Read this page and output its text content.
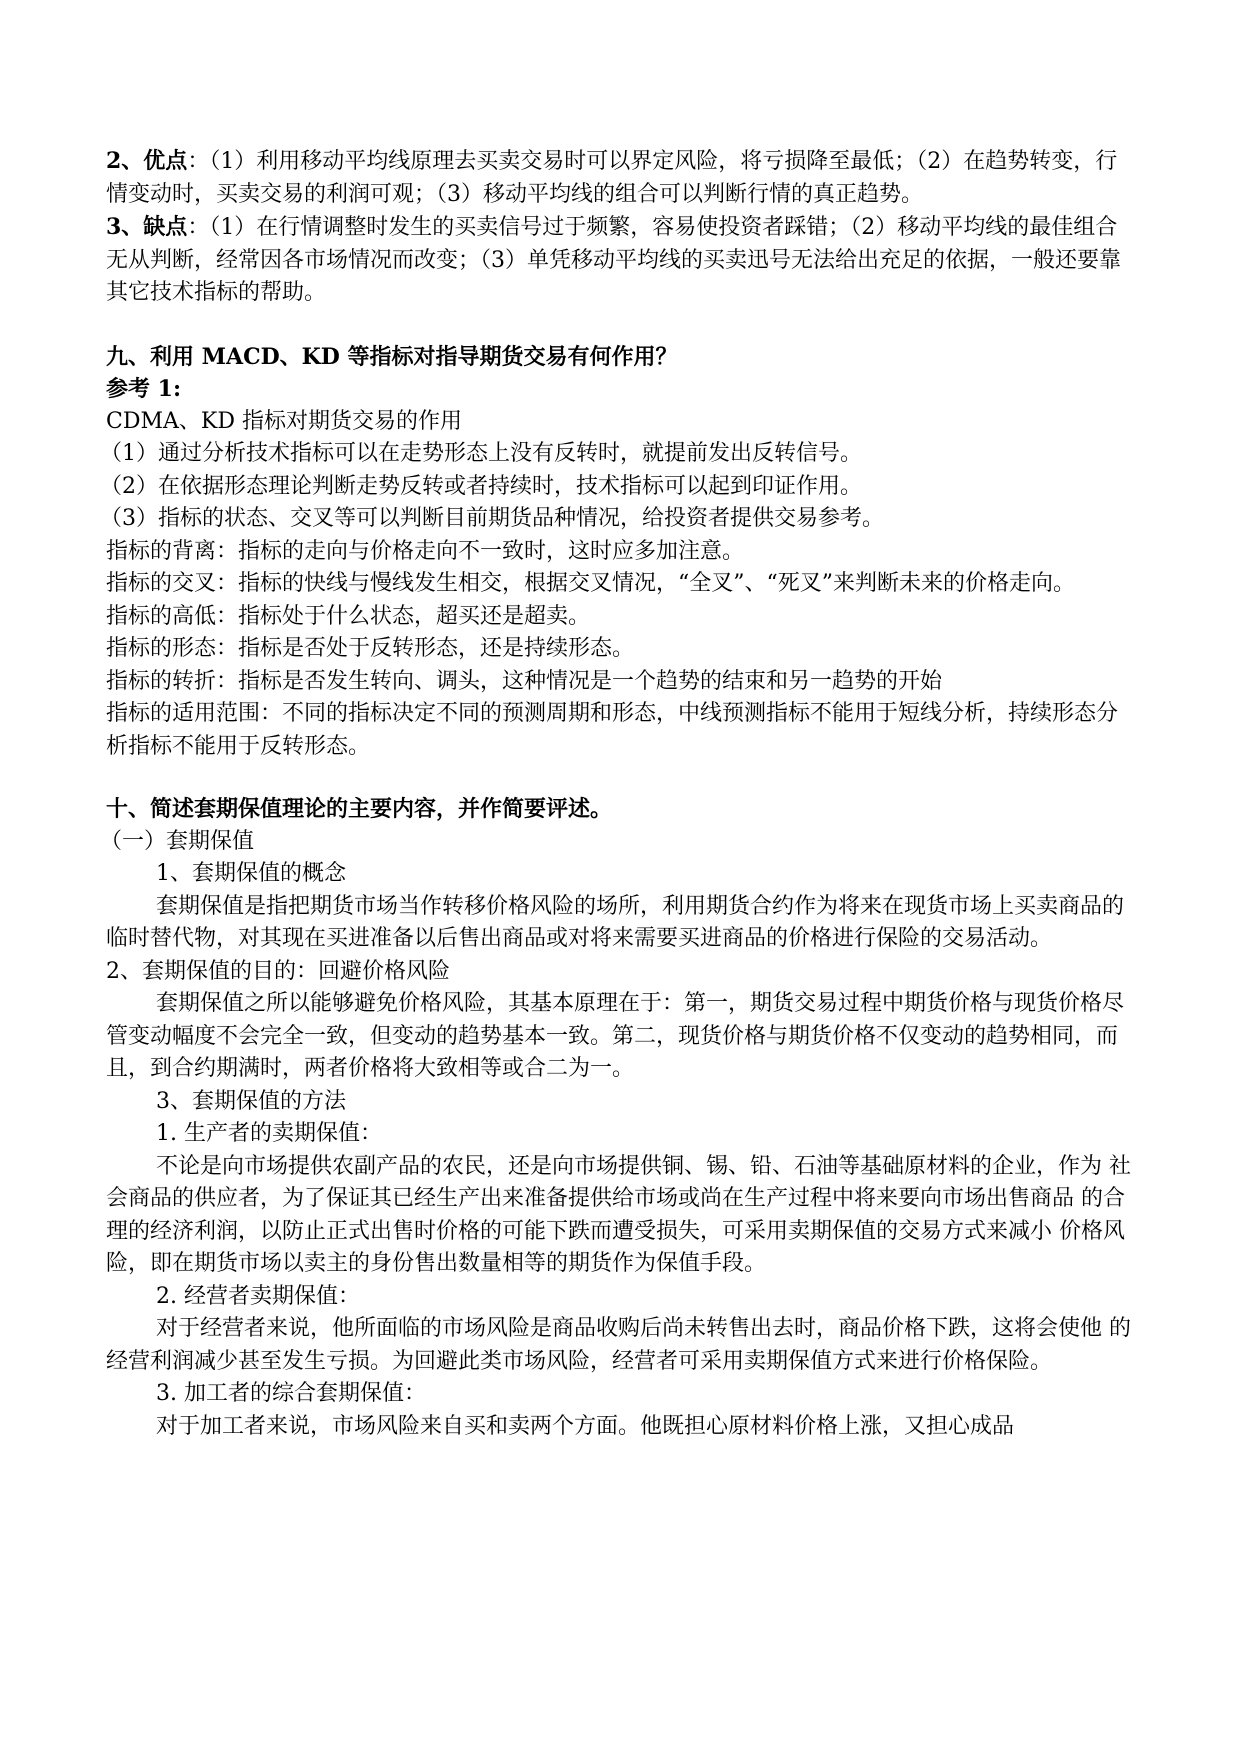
2、优点：（1）利用移动平均线原理去买卖交易时可以界定风险，将亏损降至最低；（2）在趋势转变，行情变动时，买卖交易的利润可观；（3）移动平均线的组合可以判断行情的真正趋势。

3、缺点：（1）在行情调整时发生的买卖信号过于频繁，容易使投资者踩错；（2）移动平均线的最佳组合无从判断，经常因各市场情况而改变；（3）单凭移动平均线的买卖迅号无法给出充足的依据，一般还要靠其它技术指标的帮助。

九、利用 MACD、KD 等指标对指导期货交易有何作用？

参考 1:

CDMA、KD 指标对期货交易的作用

（1）通过分析技术指标可以在走势形态上没有反转时，就提前发出反转信号。

（2）在依据形态理论判断走势反转或者持续时，技术指标可以起到印证作用。

（3）指标的状态、交叉等可以判断目前期货品种情况，给投资者提供交易参考。

指标的背离：指标的走向与价格走向不一致时，这时应多加注意。

指标的交叉：指标的快线与慢线发生相交，根据交叉情况，“全叉”、“死叉”来判断未来的价格走向。

指标的高低：指标处于什么状态，超买还是超卖。

指标的形态：指标是否处于反转形态，还是持续形态。

指标的转折：指标是否发生转向、调头，这种情况是一个趋势的结束和另一趋势的开始

指标的适用范围：不同的指标决定不同的预测周期和形态，中线预测指标不能用于短线分析，持续形态分析指标不能用于反转形态。

十、简述套期保值理论的主要内容，并作简要评述。

（一）套期保值

1、套期保值的概念

套期保值是指把期货市场当作转移价格风险的场所，利用期货合约作为将来在现货市场上买卖商品的临时替代物，对其现在买进准备以后售出商品或对将来需要买进商品的价格进行保险的交易活动。

2、套期保值的目的：回避价格风险

套期保值之所以能够避免价格风险，其基本原理在于：第一，期货交易过程中期货价格与现货价格尽管变动幅度不会完全一致，但变动的趋势基本一致。第二，现货价格与期货价格不仅变动的趋势相同，而且，到合约期满时，两者价格将大致相等或合二为一。

3、套期保值的方法

1. 生产者的卖期保值：

不论是向市场提供农副产品的农民，还是向市场提供铜、锡、铅、石油等基础原材料的企业，作为 社会商品的供应者，为了保证其已经生产出来准备提供给市场或尚在生产过程中将来要向市场出售商品 的合理的经济利润，以防止正式出售时价格的可能下跌而遭受损失，可采用卖期保值的交易方式来减小 价格风险，即在期货市场以卖主的身份售出数量相等的期货作为保值手段。

2. 经营者卖期保值：

对于经营者来说，他所面临的市场风险是商品收购后尚未转售出去时，商品价格下跌，这将会使他 的经营利润减少甚至发生亏损。为回避此类市场风险，经营者可采用卖期保值方式来进行价格保险。

3. 加工者的综合套期保值：

对于加工者来说，市场风险来自买和卖两个方面。他既担心原材料价格上涨，又担心成品
